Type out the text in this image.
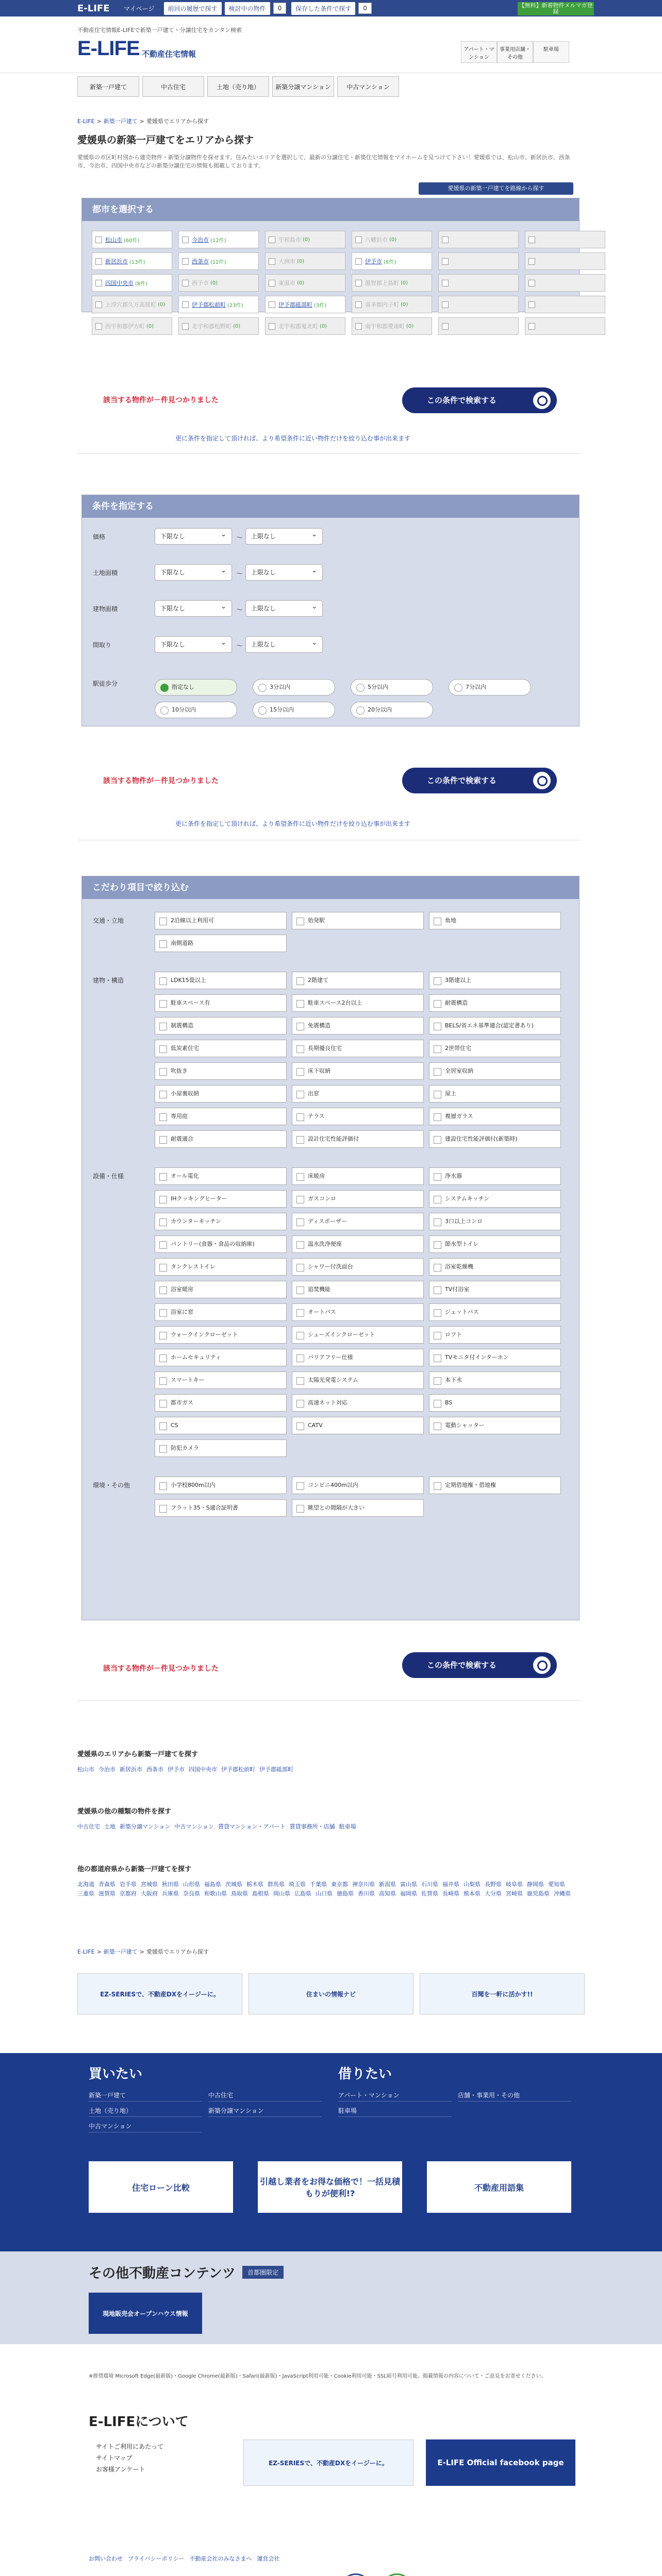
E-LIFE	マイページ	前回の履歴で探す	検討中の物件	0	保存した条件で探す	0	【無料】新着物件メルマガ登録
不動産住宅情報E-LIFEで新築一戸建て・分譲住宅をカンタン検索
E-LIFE 不動産住宅情報	アパート・マンション
事業用店舗・その他
駐車場
新築一戸建て	中古住宅	土地（売り地）	新築分譲マンション	中古マンション
E-LIFE > 新築一戸建て > 愛媛県でエリアから探す
愛媛県の新築一戸建てをエリアから探す

愛媛県の市区町村別から建売物件・新築分譲物件を探せます。住みたいエリアを選択して、最新の分譲住宅・新築住宅情報をマイホームを見つけて下さい！愛媛県では、松山市、新居浜市、西条市、今治市、四国中央市などの新築分譲住宅の情報も掲載しております。

愛媛県の新築一戸建てを路線から探す
都市を選択する
松山市 (60件)	今治市 (12件)	宇和島市 (0)	八幡浜市 (0)
新居浜市 (13件)	西条市 (12件)	大洲市 (0)	伊予市 (5件)
四国中央市 (8件)	西予市 (0)	東温市 (0)	越智郡上島町 (0)
上浮穴郡久万高原町 (0)	伊予郡松前町 (23件)	伊予郡砥部町 (3件)	喜多郡内子町 (0)
西宇和郡伊方町 (0)	北宇和郡松野町 (0)	北宇和郡鬼北町 (0)	南宇和郡愛南町 (0)
該当する物件が－件見つかりました	この条件で検索する
更に条件を指定して頂ければ、より希望条件に近い物件だけを絞り込む事が出来ます
条件を指定する
価格	下限なし ⌄	〜	上限なし ⌄
土地面積	下限なし ⌄	〜	上限なし ⌄
建物面積	下限なし ⌄	〜	上限なし ⌄
間取り	下限なし ⌄	〜	上限なし ⌄
駅徒歩分	指定なし	3分以内	5分以内	7分以内
10分以内	15分以内	20分以内
該当する物件が－件見つかりました	この条件で検索する
更に条件を指定して頂ければ、より希望条件に近い物件だけを絞り込む事が出来ます
こだわり項目で絞り込む
交通・立地	2沿線以上利用可	始発駅	角地
南側道路
建物・構造	LDK15畳以上	2階建て	3階建以上
駐車スペース有	駐車スペース2台以上	耐震構造
制震構造	免震構造	BELS/省エネ基準適合(認定書あり)
低炭素住宅	長期優良住宅	2世帯住宅
吹抜き	床下収納	全居室収納
小屋裏収納	出窓	屋上
専用庭	テラス	複層ガラス
耐震適合	設計住宅性能評価付	建設住宅性能評価付(新築時)
設備・仕様	オール電化	床暖房	浄水器
IHクッキングヒーター	ガスコンロ	システムキッチン
カウンターキッチン	ディスポーザー	3口以上コンロ
パントリー(食器・食品の収納庫)	温水洗浄便座	節水型トイレ
タンクレストイレ	シャワー付洗面台	浴室乾燥機
浴室暖房	追焚機能	TV付浴室
浴室に窓	オートバス	ジェットバス
ウォークインクローゼット	シューズインクローゼット	ロフト
ホームセキュリティ	バリアフリー仕様	TVモニタ付インターホン
スマートキー	太陽光発電システム	本下水
都市ガス	高速ネット対応	BS
CS	CATV	電動シャッター
防犯カメラ
環境・その他	小学校800m以内	コンビニ400m以内	定期借地権・借地権
フラット35・S適合証明書	眺望との間隔が大きい
該当する物件が－件見つかりました	この条件で検索する
愛媛県のエリアから新築一戸建てを探す
松山市 今治市 新居浜市 西条市 伊予市 四国中央市 伊予郡松前町 伊予郡砥部町
愛媛県の他の種類の物件を探す
中古住宅 土地 新築分譲マンション 中古マンション 賃貸マンション・アパート 賃貸事務所・店舗 駐車場
他の都道府県から新築一戸建てを探す
北海道 青森県 岩手県 宮城県 秋田県 山形県 福島県 茨城県 栃木県 群馬県 埼玉県 千葉県 東京都 神奈川県 新潟県 富山県 石川県 福井県 山梨県 長野県 岐阜県 静岡県 愛知県三重県 滋賀県 京都府 大阪府 兵庫県 奈良県 和歌山県 鳥取県 島根県 岡山県 広島県 山口県 徳島県 香川県 高知県 福岡県 佐賀県 長崎県 熊本県 大分県 宮崎県 鹿児島県 沖縄県
E-LIFE > 新築一戸建て > 愛媛県でエリアから探す
EZ-SERIESで、不動産DXをイージーに。	住まいの情報ナビ	百聞を一軒に活かす!!
買いたい	借りたい
新築一戸建て	中古住宅
土地（売り地）	新築分譲マンション
中古マンション
アパート・マンション	店舗・事業用・その他
駐車場
住宅ローン比較
引越し業者をお得な価格で！一括見積もりが便利!?
不動産用語集
その他不動産コンテンツ	首都圏限定
現地販売会オープンハウス情報

※推奨環境 Microsoft Edge(最新版)・Google Chrome(最新版)・Safari(最新版)・JavaScript利用可能・Cookie利用可能・SSL暗号利用可能。掲載情報の内容について・ご意見をお寄せください。

E-LIFEについて
サイトご利用にあたって
サイトマップ
お客様アンケート
EZ-SERIESで、不動産DXをイージーに。	E-LIFE Official facebook page
お問い合わせ プライバシーポリシー 不動産会社のみなさまへ 運営会社
